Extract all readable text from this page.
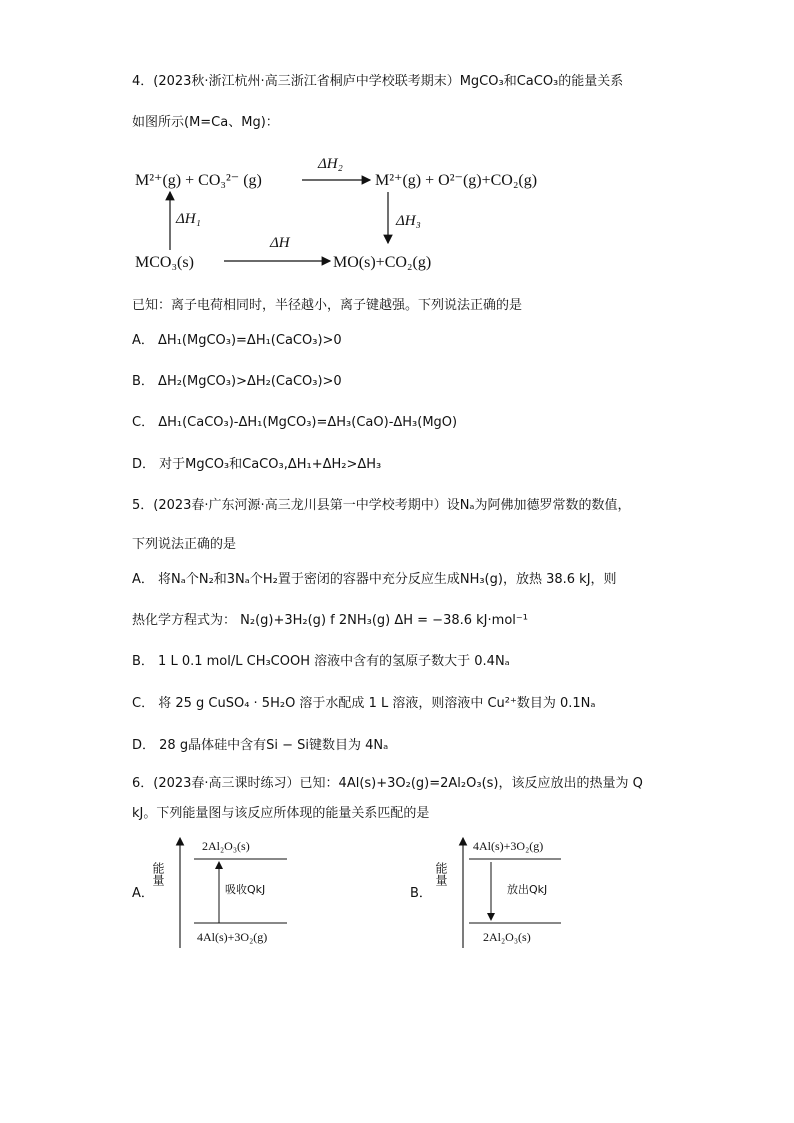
4．(2023秋·浙江杭州·高三浙江省桐庐中学校联考期末）MgCO₃和CaCO₃的能量关系
如图所示(M=Ca、Mg)：
M²⁺(g) + CO₃²⁻ (g)
ΔH₂
M²⁺(g) + O²⁻(g)+CO₂(g)
ΔH₁	ΔH₃
MCO₃(s)
ΔH
MO(s)+CO₂(g)
已知：离子电荷相同时，半径越小，离子键越强。下列说法正确的是
A． ΔH₁(MgCO₃)=ΔH₁(CaCO₃)>0
B． ΔH₂(MgCO₃)>ΔH₂(CaCO₃)>0
C． ΔH₁(CaCO₃)-ΔH₁(MgCO₃)=ΔH₃(CaO)-ΔH₃(MgO)
D． 对于MgCO₃和CaCO₃,ΔH₁+ΔH₂>ΔH₃
5．(2023春·广东河源·高三龙川县第一中学校考期中）设Nₐ为阿佛加德罗常数的数值，
下列说法正确的是
A． 将Nₐ个N₂和3Nₐ个H₂置于密闭的容器中充分反应生成NH₃(g)，放热 38.6 kJ，则
热化学方程式为： N₂(g)+3H₂(g) f 2NH₃(g) ΔH = −38.6 kJ·mol⁻¹
B． 1 L 0.1 mol/L CH₃COOH 溶液中含有的氢原子数大于 0.4Nₐ
C． 将 25 g CuSO₄ · 5H₂O 溶于水配成 1 L 溶液，则溶液中 Cu²⁺数目为 0.1Nₐ
D． 28 g晶体硅中含有Si − Si键数目为 4Nₐ
6．(2023春·高三课时练习）已知：4Al(s)+3O₂(g)=2Al₂O₃(s)，该反应放出的热量为 Q
kJ。下列能量图与该反应所体现的能量关系匹配的是
A．
能量
2Al₂O₃(s)
吸收QkJ
4Al(s)+3O₂(g)
B．
能量
4Al(s)+3O₂(g)
放出QkJ
2Al₂O₃(s)
